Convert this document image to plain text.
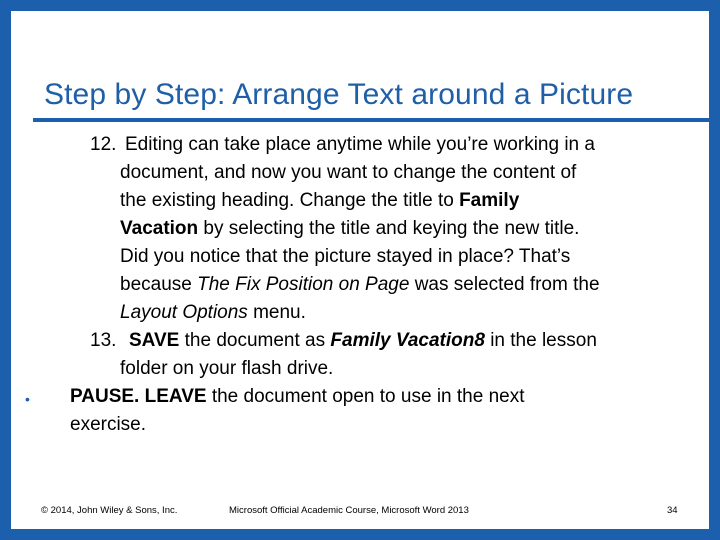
Step by Step: Arrange Text around a Picture
12. Editing can take place anytime while you’re working in a
document, and now you want to change the content of
the existing heading. Change the title to Family
Vacation by selecting the title and keying the new title.
Did you notice that the picture stayed in place? That’s
because The Fix Position on Page was selected from the
Layout Options menu.
13. SAVE the document as Family Vacation8 in the lesson
folder on your flash drive.
• PAUSE. LEAVE the document open to use in the next
exercise.
© 2014, John Wiley & Sons, Inc.	Microsoft Official Academic Course, Microsoft Word 2013	34
